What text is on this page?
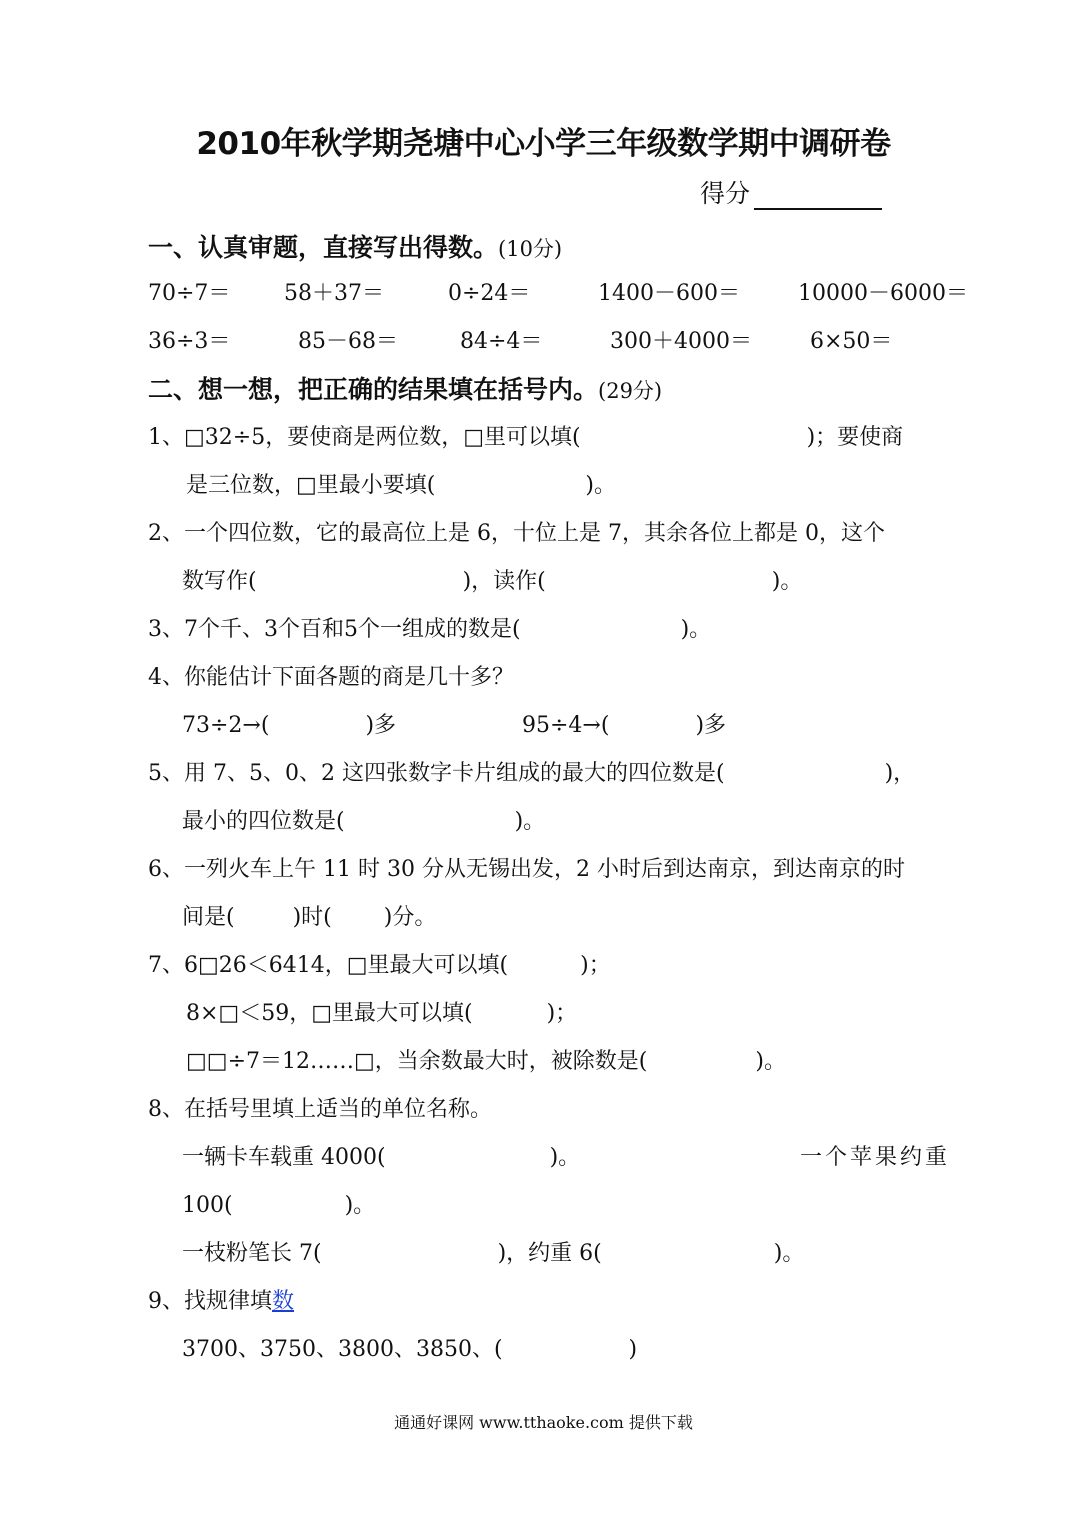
2010年秋学期尧塘中心小学三年级数学期中调研卷
得分
一、认真审题，直接写出得数。(10分)
70÷7＝ 58＋37＝	0÷24＝	1400－600＝	10000－6000＝
36÷3＝	85－68＝	84÷4＝	300＋4000＝	6×50＝
二、想一想，把正确的结果填在括号内。(29分)
1、□32÷5，要使商是两位数，□里可以填(	)；要使商
是三位数，□里最小要填(	)。
2、一个四位数，它的最高位上是 6，十位上是 7，其余各位上都是 0，这个
数写作(	)，读作(	)。
3、7个千、3个百和5个一组成的数是(	)。
4、你能估计下面各题的商是几十多？
73÷2→(	)多	95÷4→(	)多
5、用 7、5、0、2 这四张数字卡片组成的最大的四位数是(	)，
最小的四位数是(	)。
6、一列火车上午 11 时 30 分从无锡出发，2 小时后到达南京，到达南京的时
间是(	)时( )分。
7、6□26＜6414，□里最大可以填(	)；
8×□＜59，□里最大可以填(	)；
□□÷7＝12……□，当余数最大时，被除数是(	)。
8、在括号里填上适当的单位名称。
一辆卡车载重 4000(	)。	一个苹果约重
100(	)。
一枝粉笔长 7(	)，约重 6(	)。
9、找规律填数
3700、3750、3800、3850、(	)
通通好课网 www.tthaoke.com 提供下载
